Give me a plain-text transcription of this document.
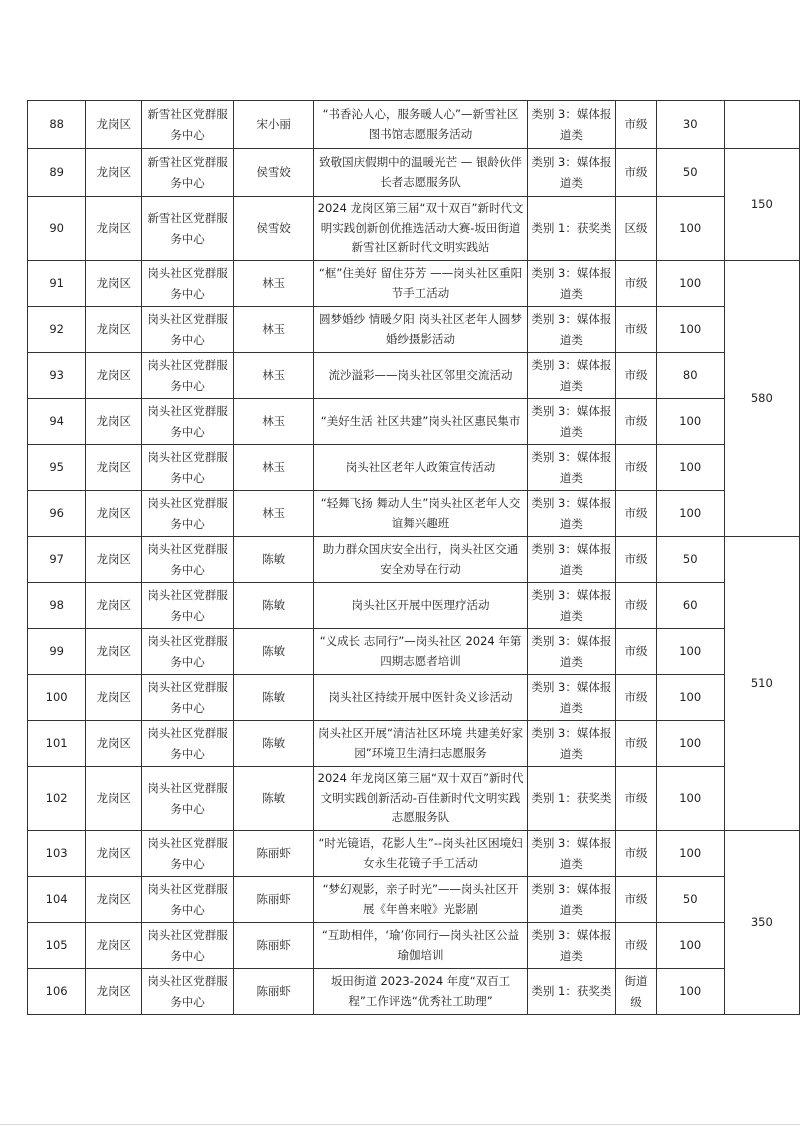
88	龙岗区	新雪社区党群服务中心	宋小丽	“书香沁人心，服务暖人心”—新雪社区图书馆志愿服务活动	类别 3：媒体报道类	市级	30	
89	龙岗区	新雪社区党群服务中心	侯雪姣	致敬国庆假期中的温暖光芒 — 银龄伙伴长者志愿服务队	类别 3：媒体报道类	市级	50	150
90	龙岗区	新雪社区党群服务中心	侯雪姣	2024 龙岗区第三届“双十双百”新时代文明实践创新创优推选活动大赛-坂田街道新雪社区新时代文明实践站	类别 1：获奖类	区级	100	
91	龙岗区	岗头社区党群服务中心	林玉	“框”住美好 留住芬芳 ——岗头社区重阳节手工活动	类别 3：媒体报道类	市级	100	580
92	龙岗区	岗头社区党群服务中心	林玉	圆梦婚纱 情暖夕阳 岗头社区老年人圆梦婚纱摄影活动	类别 3：媒体报道类	市级	100	
93	龙岗区	岗头社区党群服务中心	林玉	流沙溢彩——岗头社区邻里交流活动	类别 3：媒体报道类	市级	80	
94	龙岗区	岗头社区党群服务中心	林玉	“美好生活 社区共建”岗头社区惠民集市	类别 3：媒体报道类	市级	100	
95	龙岗区	岗头社区党群服务中心	林玉	岗头社区老年人政策宣传活动	类别 3：媒体报道类	市级	100	
96	龙岗区	岗头社区党群服务中心	林玉	“轻舞飞扬 舞动人生”岗头社区老年人交谊舞兴趣班	类别 3：媒体报道类	市级	100	
97	龙岗区	岗头社区党群服务中心	陈敏	助力群众国庆安全出行，岗头社区交通安全劝导在行动	类别 3：媒体报道类	市级	50	510
98	龙岗区	岗头社区党群服务中心	陈敏	岗头社区开展中医理疗活动	类别 3：媒体报道类	市级	60	
99	龙岗区	岗头社区党群服务中心	陈敏	“义成长 志同行”—岗头社区 2024 年第四期志愿者培训	类别 3：媒体报道类	市级	100	
100	龙岗区	岗头社区党群服务中心	陈敏	岗头社区持续开展中医针灸义诊活动	类别 3：媒体报道类	市级	100	
101	龙岗区	岗头社区党群服务中心	陈敏	岗头社区开展“清洁社区环境 共建美好家园”环境卫生清扫志愿服务	类别 3：媒体报道类	市级	100	
102	龙岗区	岗头社区党群服务中心	陈敏	2024 年龙岗区第三届“双十双百”新时代文明实践创新活动-百佳新时代文明实践志愿服务队	类别 1：获奖类	市级	100	
103	龙岗区	岗头社区党群服务中心	陈丽虾	“时光镜语，花影人生”--岗头社区困境妇女永生花镜子手工活动	类别 3：媒体报道类	市级	100	350
104	龙岗区	岗头社区党群服务中心	陈丽虾	“梦幻观影，亲子时光”——岗头社区开展《年兽来啦》光影剧	类别 3：媒体报道类	市级	50	
105	龙岗区	岗头社区党群服务中心	陈丽虾	“互助相伴，‘瑜’你同行—岗头社区公益瑜伽培训	类别 3：媒体报道类	市级	100	
106	龙岗区	岗头社区党群服务中心	陈丽虾	坂田街道 2023-2024 年度“双百工程”工作评选“优秀社工助理”	类别 1：获奖类	街道级	100	
